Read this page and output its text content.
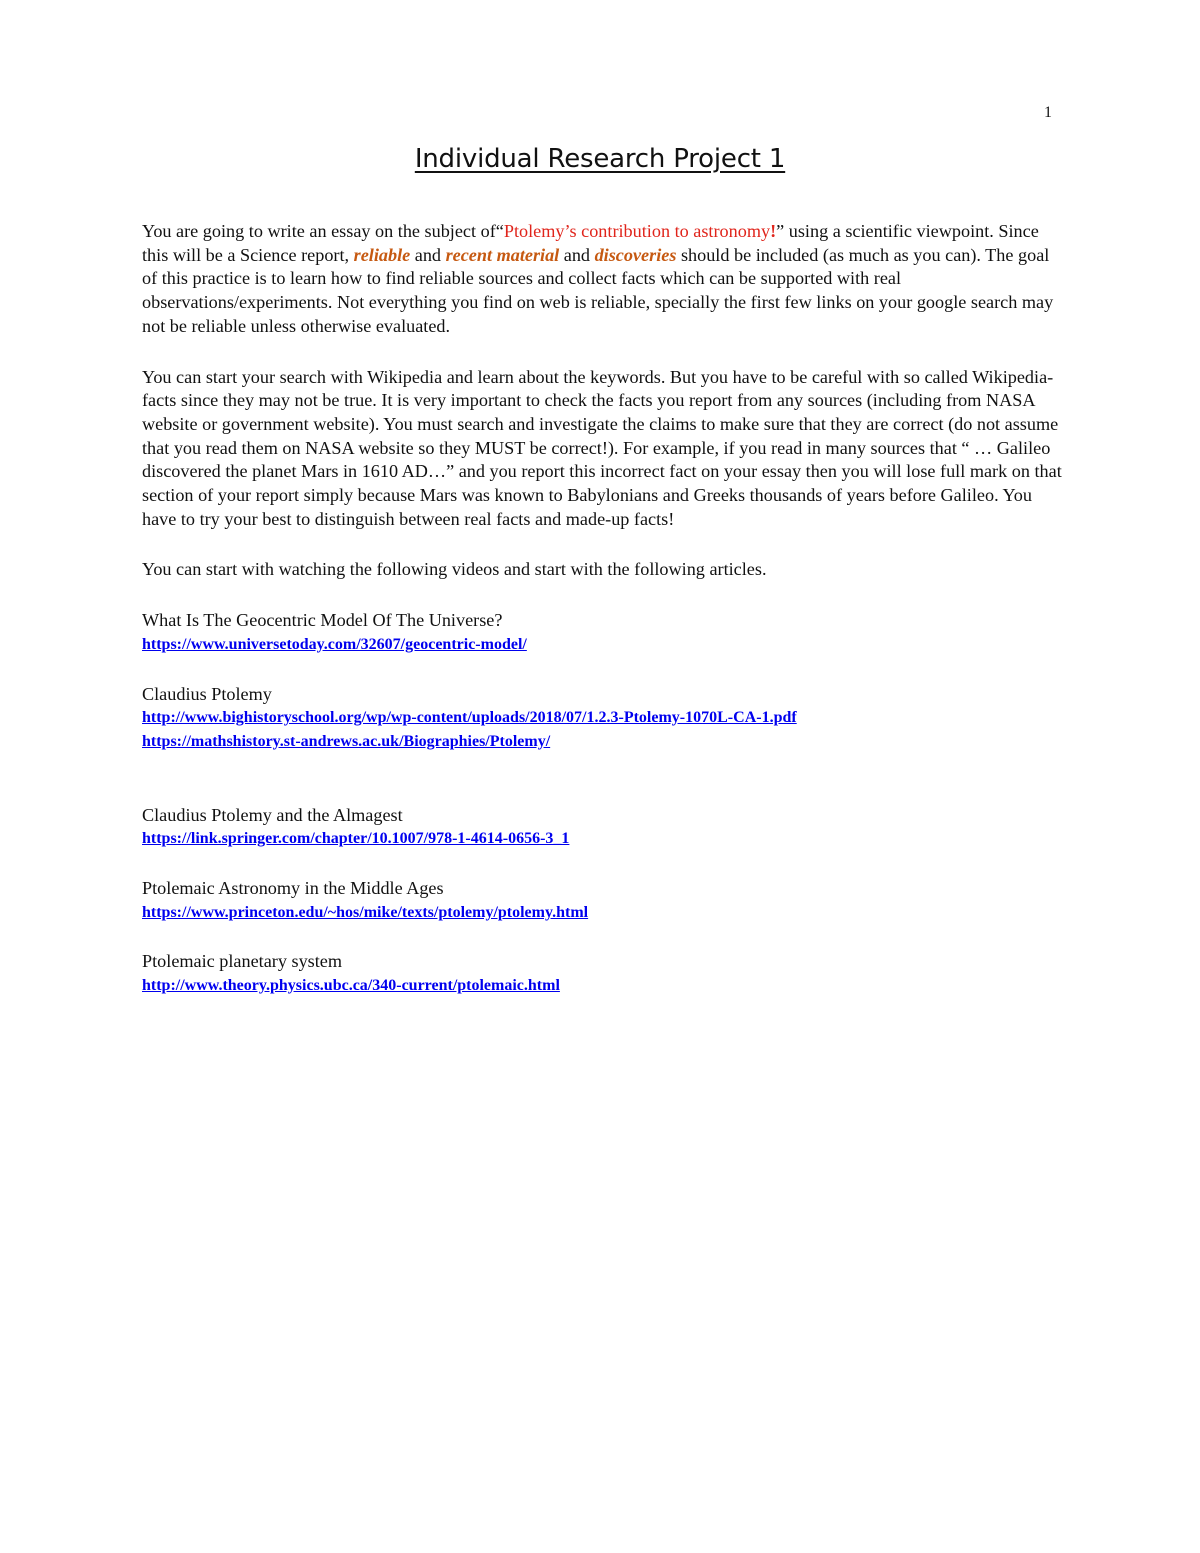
1
Individual Research Project 1

You are going to write an essay on the subject of“Ptolemy’s contribution to astronomy!” using a scientific viewpoint. Since this will be a Science report, reliable and recent material and discoveries should be included (as much as you can). The goal of this practice is to learn how to find reliable sources and collect facts which can be supported with real observations/experiments. Not everything you find on web is reliable, specially the first few links on your google search may not be reliable unless otherwise evaluated.

You can start your search with Wikipedia and learn about the keywords. But you have to be careful with so called Wikipedia-facts since they may not be true. It is very important to check the facts you report from any sources (including from NASA website or government website). You must search and investigate the claims to make sure that they are correct (do not assume that you read them on NASA website so they MUST be correct!). For example, if you read in many sources that “ … Galileo discovered the planet Mars in 1610 AD…” and you report this incorrect fact on your essay then you will lose full mark on that section of your report simply because Mars was known to Babylonians and Greeks thousands of years before Galileo. You have to try your best to distinguish between real facts and made-up facts!

You can start with watching the following videos and start with the following articles.

What Is The Geocentric Model Of The Universe?
https://www.universetoday.com/32607/geocentric-model/
Claudius Ptolemy
http://www.bighistoryschool.org/wp/wp-content/uploads/2018/07/1.2.3-Ptolemy-1070L-CA-1.pdf
https://mathshistory.st-andrews.ac.uk/Biographies/Ptolemy/
Claudius Ptolemy and the Almagest
https://link.springer.com/chapter/10.1007/978-1-4614-0656-3_1
Ptolemaic Astronomy in the Middle Ages
https://www.princeton.edu/~hos/mike/texts/ptolemy/ptolemy.html
Ptolemaic planetary system
http://www.theory.physics.ubc.ca/340-current/ptolemaic.html
